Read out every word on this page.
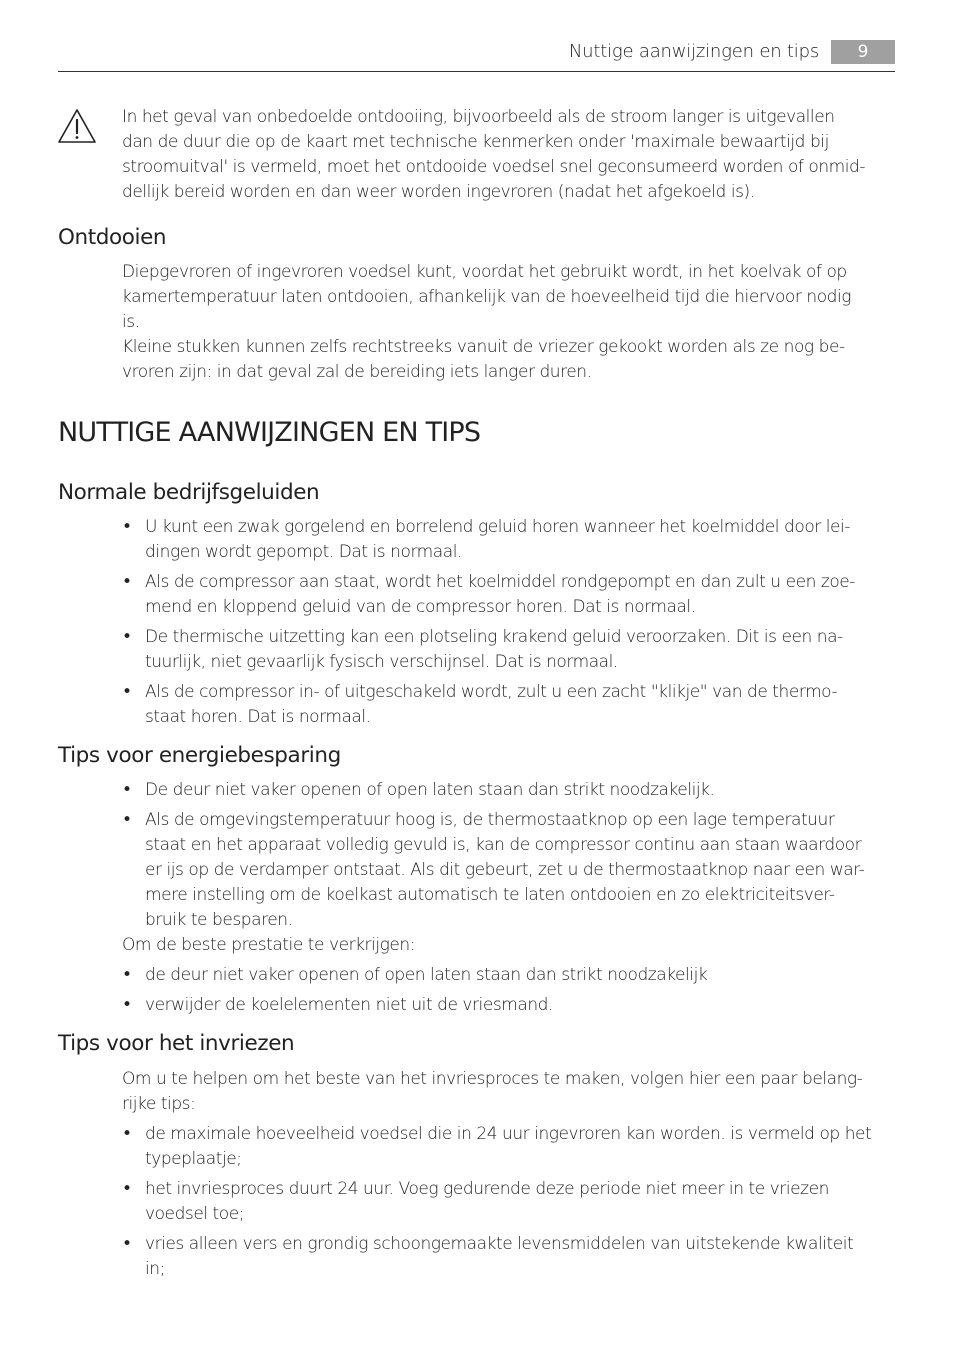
Nuttige aanwijzingen en tips	9

In het geval van onbedoelde ontdooiing, bijvoorbeeld als de stroom langer is uitgevallen

dan de duur die op de kaart met technische kenmerken onder 'maximale bewaartijd bij

stroomuitval' is vermeld, moet het ontdooide voedsel snel geconsumeerd worden of onmid-

dellijk bereid worden en dan weer worden ingevroren (nadat het afgekoeld is).

Ontdooien

Diepgevroren of ingevroren voedsel kunt, voordat het gebruikt wordt, in het koelvak of op

kamertemperatuur laten ontdooien, afhankelijk van de hoeveelheid tijd die hiervoor nodig

is.

Kleine stukken kunnen zelfs rechtstreeks vanuit de vriezer gekookt worden als ze nog be-

vroren zijn: in dat geval zal de bereiding iets langer duren.

NUTTIGE AANWIJZINGEN EN TIPS
Normale bedrijfsgeluiden

• U kunt een zwak gorgelend en borrelend geluid horen wanneer het koelmiddel door lei-

dingen wordt gepompt. Dat is normaal.

• Als de compressor aan staat, wordt het koelmiddel rondgepompt en dan zult u een zoe-

mend en kloppend geluid van de compressor horen. Dat is normaal.

• De thermische uitzetting kan een plotseling krakend geluid veroorzaken. Dit is een na-

tuurlijk, niet gevaarlijk fysisch verschijnsel. Dat is normaal.

• Als de compressor in- of uitgeschakeld wordt, zult u een zacht "klikje" van de thermo-

staat horen. Dat is normaal.

Tips voor energiebesparing

• De deur niet vaker openen of open laten staan dan strikt noodzakelijk.

• Als de omgevingstemperatuur hoog is, de thermostaatknop op een lage temperatuur

staat en het apparaat volledig gevuld is, kan de compressor continu aan staan waardoor

er ijs op de verdamper ontstaat. Als dit gebeurt, zet u de thermostaatknop naar een war-

mere instelling om de koelkast automatisch te laten ontdooien en zo elektriciteitsver-

bruik te besparen.

Om de beste prestatie te verkrijgen:

• de deur niet vaker openen of open laten staan dan strikt noodzakelijk

• verwijder de koelelementen niet uit de vriesmand.

Tips voor het invriezen

Om u te helpen om het beste van het invriesproces te maken, volgen hier een paar belang-

rijke tips:

• de maximale hoeveelheid voedsel die in 24 uur ingevroren kan worden. is vermeld op het

typeplaatje;

• het invriesproces duurt 24 uur. Voeg gedurende deze periode niet meer in te vriezen

voedsel toe;

• vries alleen vers en grondig schoongemaakte levensmiddelen van uitstekende kwaliteit

in;
